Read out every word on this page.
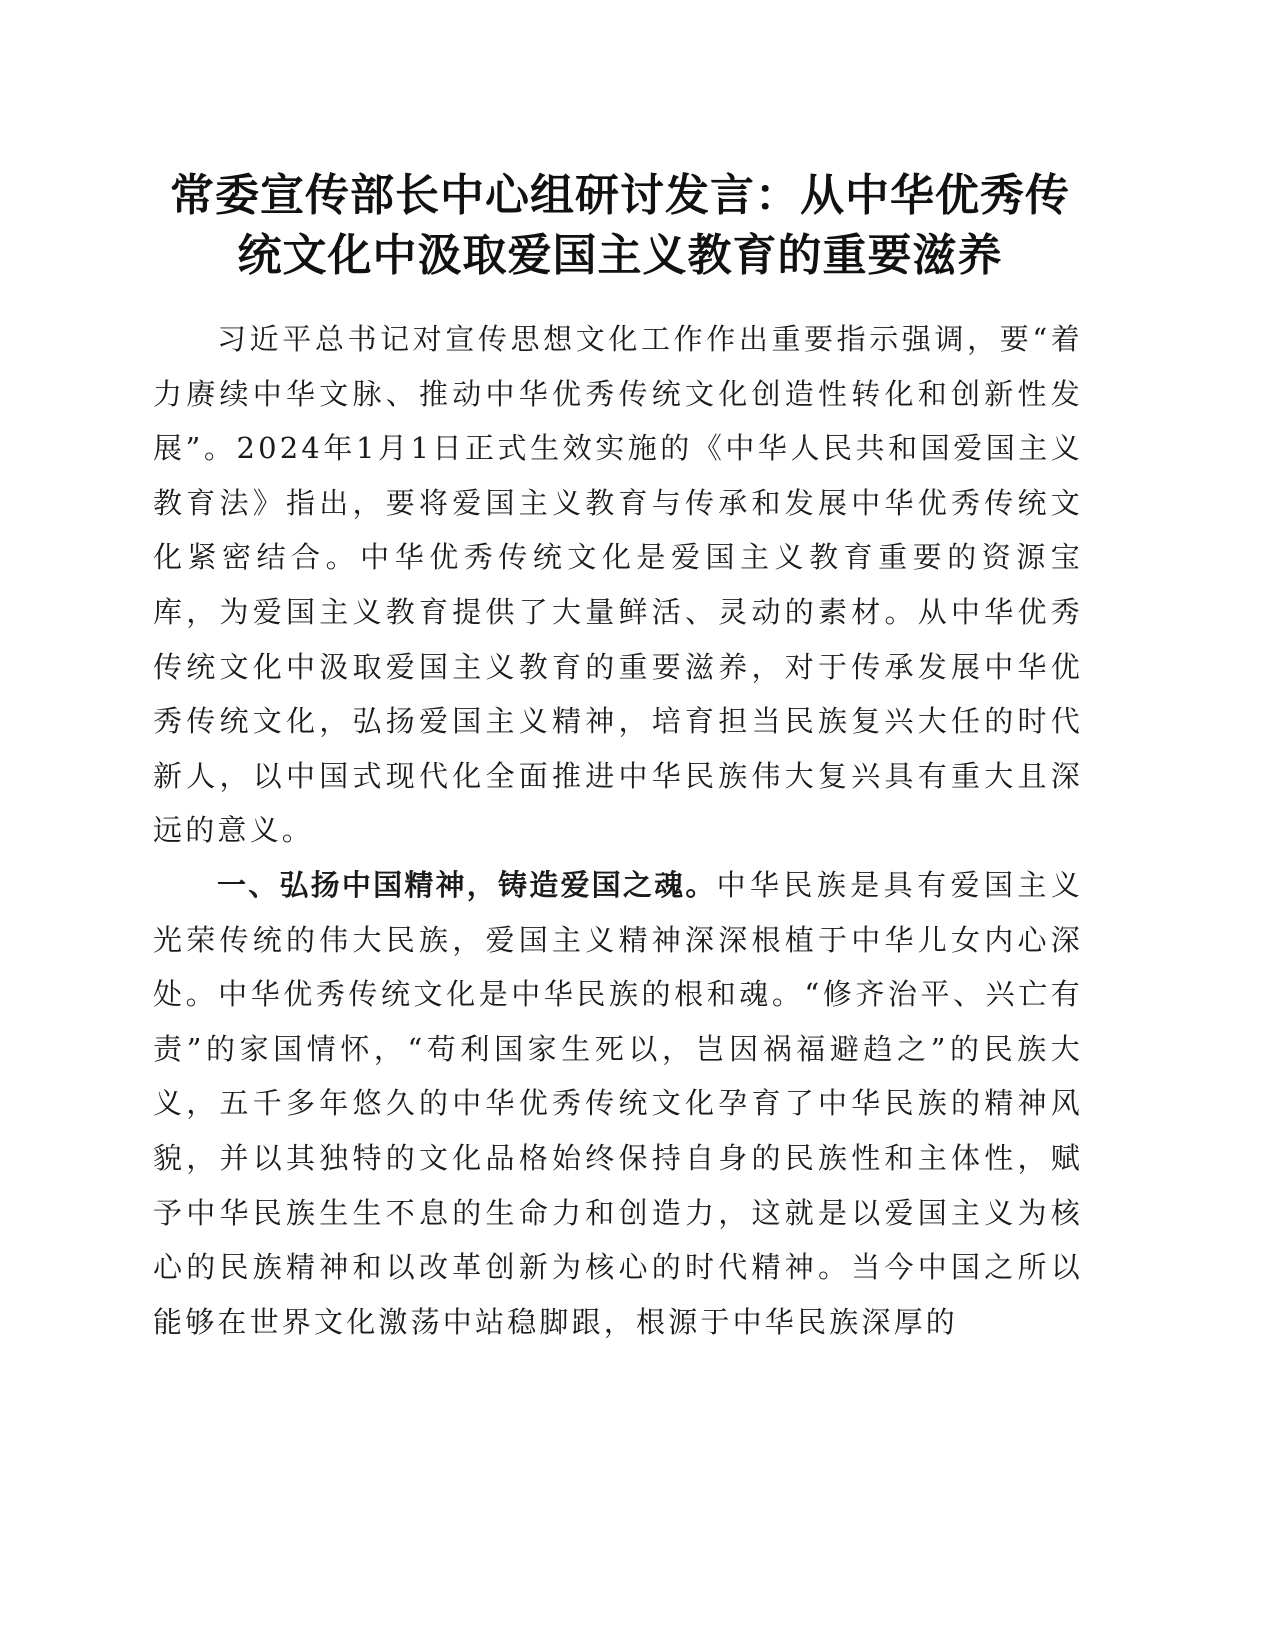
常委宣传部长中心组研讨发言：从中华优秀传统文化中汲取爱国主义教育的重要滋养

习近平总书记对宣传思想文化工作作出重要指示强调，要“着力赓续中华文脉、推动中华优秀传统文化创造性转化和创新性发展”。2024年1月1日正式生效实施的《中华人民共和国爱国主义教育法》指出，要将爱国主义教育与传承和发展中华优秀传统文化紧密结合。中华优秀传统文化是爱国主义教育重要的资源宝库，为爱国主义教育提供了大量鲜活、灵动的素材。从中华优秀传统文化中汲取爱国主义教育的重要滋养，对于传承发展中华优秀传统文化，弘扬爱国主义精神，培育担当民族复兴大任的时代新人，以中国式现代化全面推进中华民族伟大复兴具有重大且深远的意义。

一、弘扬中国精神，铸造爱国之魂。中华民族是具有爱国主义光荣传统的伟大民族，爱国主义精神深深根植于中华儿女内心深处。中华优秀传统文化是中华民族的根和魂。“修齐治平、兴亡有责”的家国情怀，“苟利国家生死以，岂因祸福避趋之”的民族大义，五千多年悠久的中华优秀传统文化孕育了中华民族的精神风貌，并以其独特的文化品格始终保持自身的民族性和主体性，赋予中华民族生生不息的生命力和创造力，这就是以爱国主义为核心的民族精神和以改革创新为核心的时代精神。当今中国之所以能够在世界文化激荡中站稳脚跟，根源于中华民族深厚的
